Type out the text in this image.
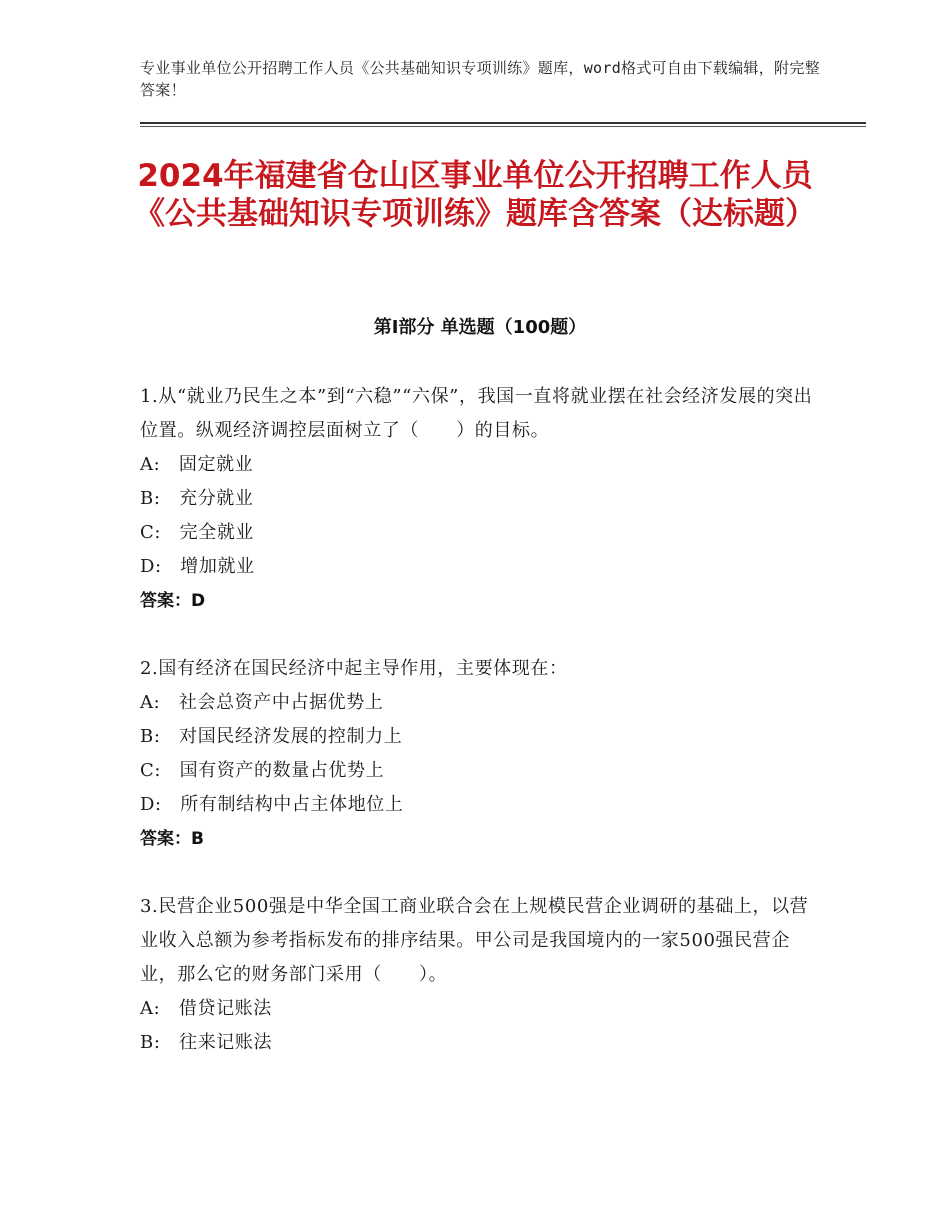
专业事业单位公开招聘工作人员《公共基础知识专项训练》题库，word格式可自由下载编辑，附完整答案！
2024年福建省仓山区事业单位公开招聘工作人员《公共基础知识专项训练》题库含答案（达标题）
第I部分 单选题（100题）
1.从“就业乃民生之本”到“六稳”“六保”，我国一直将就业摆在社会经济发展的突出位置。纵观经济调控层面树立了（　　）的目标。
A:　固定就业
B:　充分就业
C:　完全就业
D:　增加就业
答案：D
2.国有经济在国民经济中起主导作用，主要体现在：
A:　社会总资产中占据优势上
B:　对国民经济发展的控制力上
C:　国有资产的数量占优势上
D:　所有制结构中占主体地位上
答案：B
3.民营企业500强是中华全国工商业联合会在上规模民营企业调研的基础上，以营业收入总额为参考指标发布的排序结果。甲公司是我国境内的一家500强民营企业，那么它的财务部门采用（　　）。
A:　借贷记账法
B:　往来记账法
